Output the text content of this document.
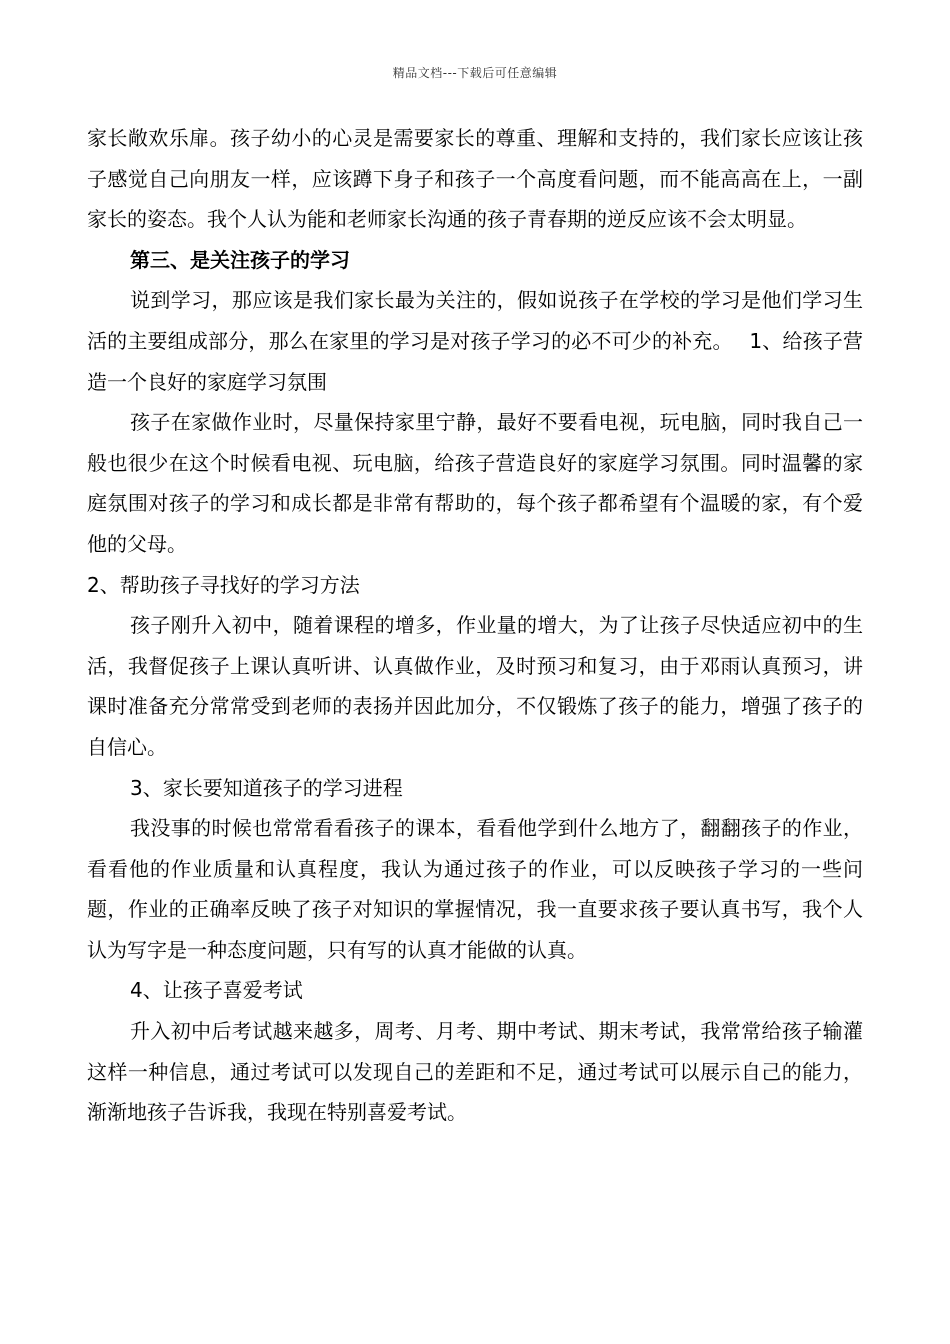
精品文档---下载后可任意编辑

家长敞欢乐扉。孩子幼小的心灵是需要家长的尊重、理解和支持的，我们家长应该让孩子感觉自己向朋友一样，应该蹲下身子和孩子一个高度看问题，而不能高高在上，一副家长的姿态。我个人认为能和老师家长沟通的孩子青春期的逆反应该不会太明显。

第三、是关注孩子的学习

说到学习，那应该是我们家长最为关注的，假如说孩子在学校的学习是他们学习生活的主要组成部分，那么在家里的学习是对孩子学习的必不可少的补充。　 1、给孩子营造一个良好的家庭学习氛围

孩子在家做作业时，尽量保持家里宁静，最好不要看电视，玩电脑，同时我自己一般也很少在这个时候看电视、玩电脑，给孩子营造良好的家庭学习氛围。同时温馨的家庭氛围对孩子的学习和成长都是非常有帮助的，每个孩子都希望有个温暖的家，有个爱他的父母。

2、帮助孩子寻找好的学习方法

孩子刚升入初中，随着课程的增多，作业量的增大，为了让孩子尽快适应初中的生活，我督促孩子上课认真听讲、认真做作业，及时预习和复习，由于邓雨认真预习，讲课时准备充分常常受到老师的表扬并因此加分，不仅锻炼了孩子的能力，增强了孩子的自信心。

3、家长要知道孩子的学习进程

我没事的时候也常常看看孩子的课本，看看他学到什么地方了，翻翻孩子的作业，看看他的作业质量和认真程度，我认为通过孩子的作业，可以反映孩子学习的一些问题，作业的正确率反映了孩子对知识的掌握情况，我一直要求孩子要认真书写，我个人认为写字是一种态度问题，只有写的认真才能做的认真。

4、让孩子喜爱考试

升入初中后考试越来越多，周考、月考、期中考试、期末考试，我常常给孩子输灌这样一种信息，通过考试可以发现自己的差距和不足，通过考试可以展示自己的能力，渐渐地孩子告诉我，我现在特别喜爱考试。
